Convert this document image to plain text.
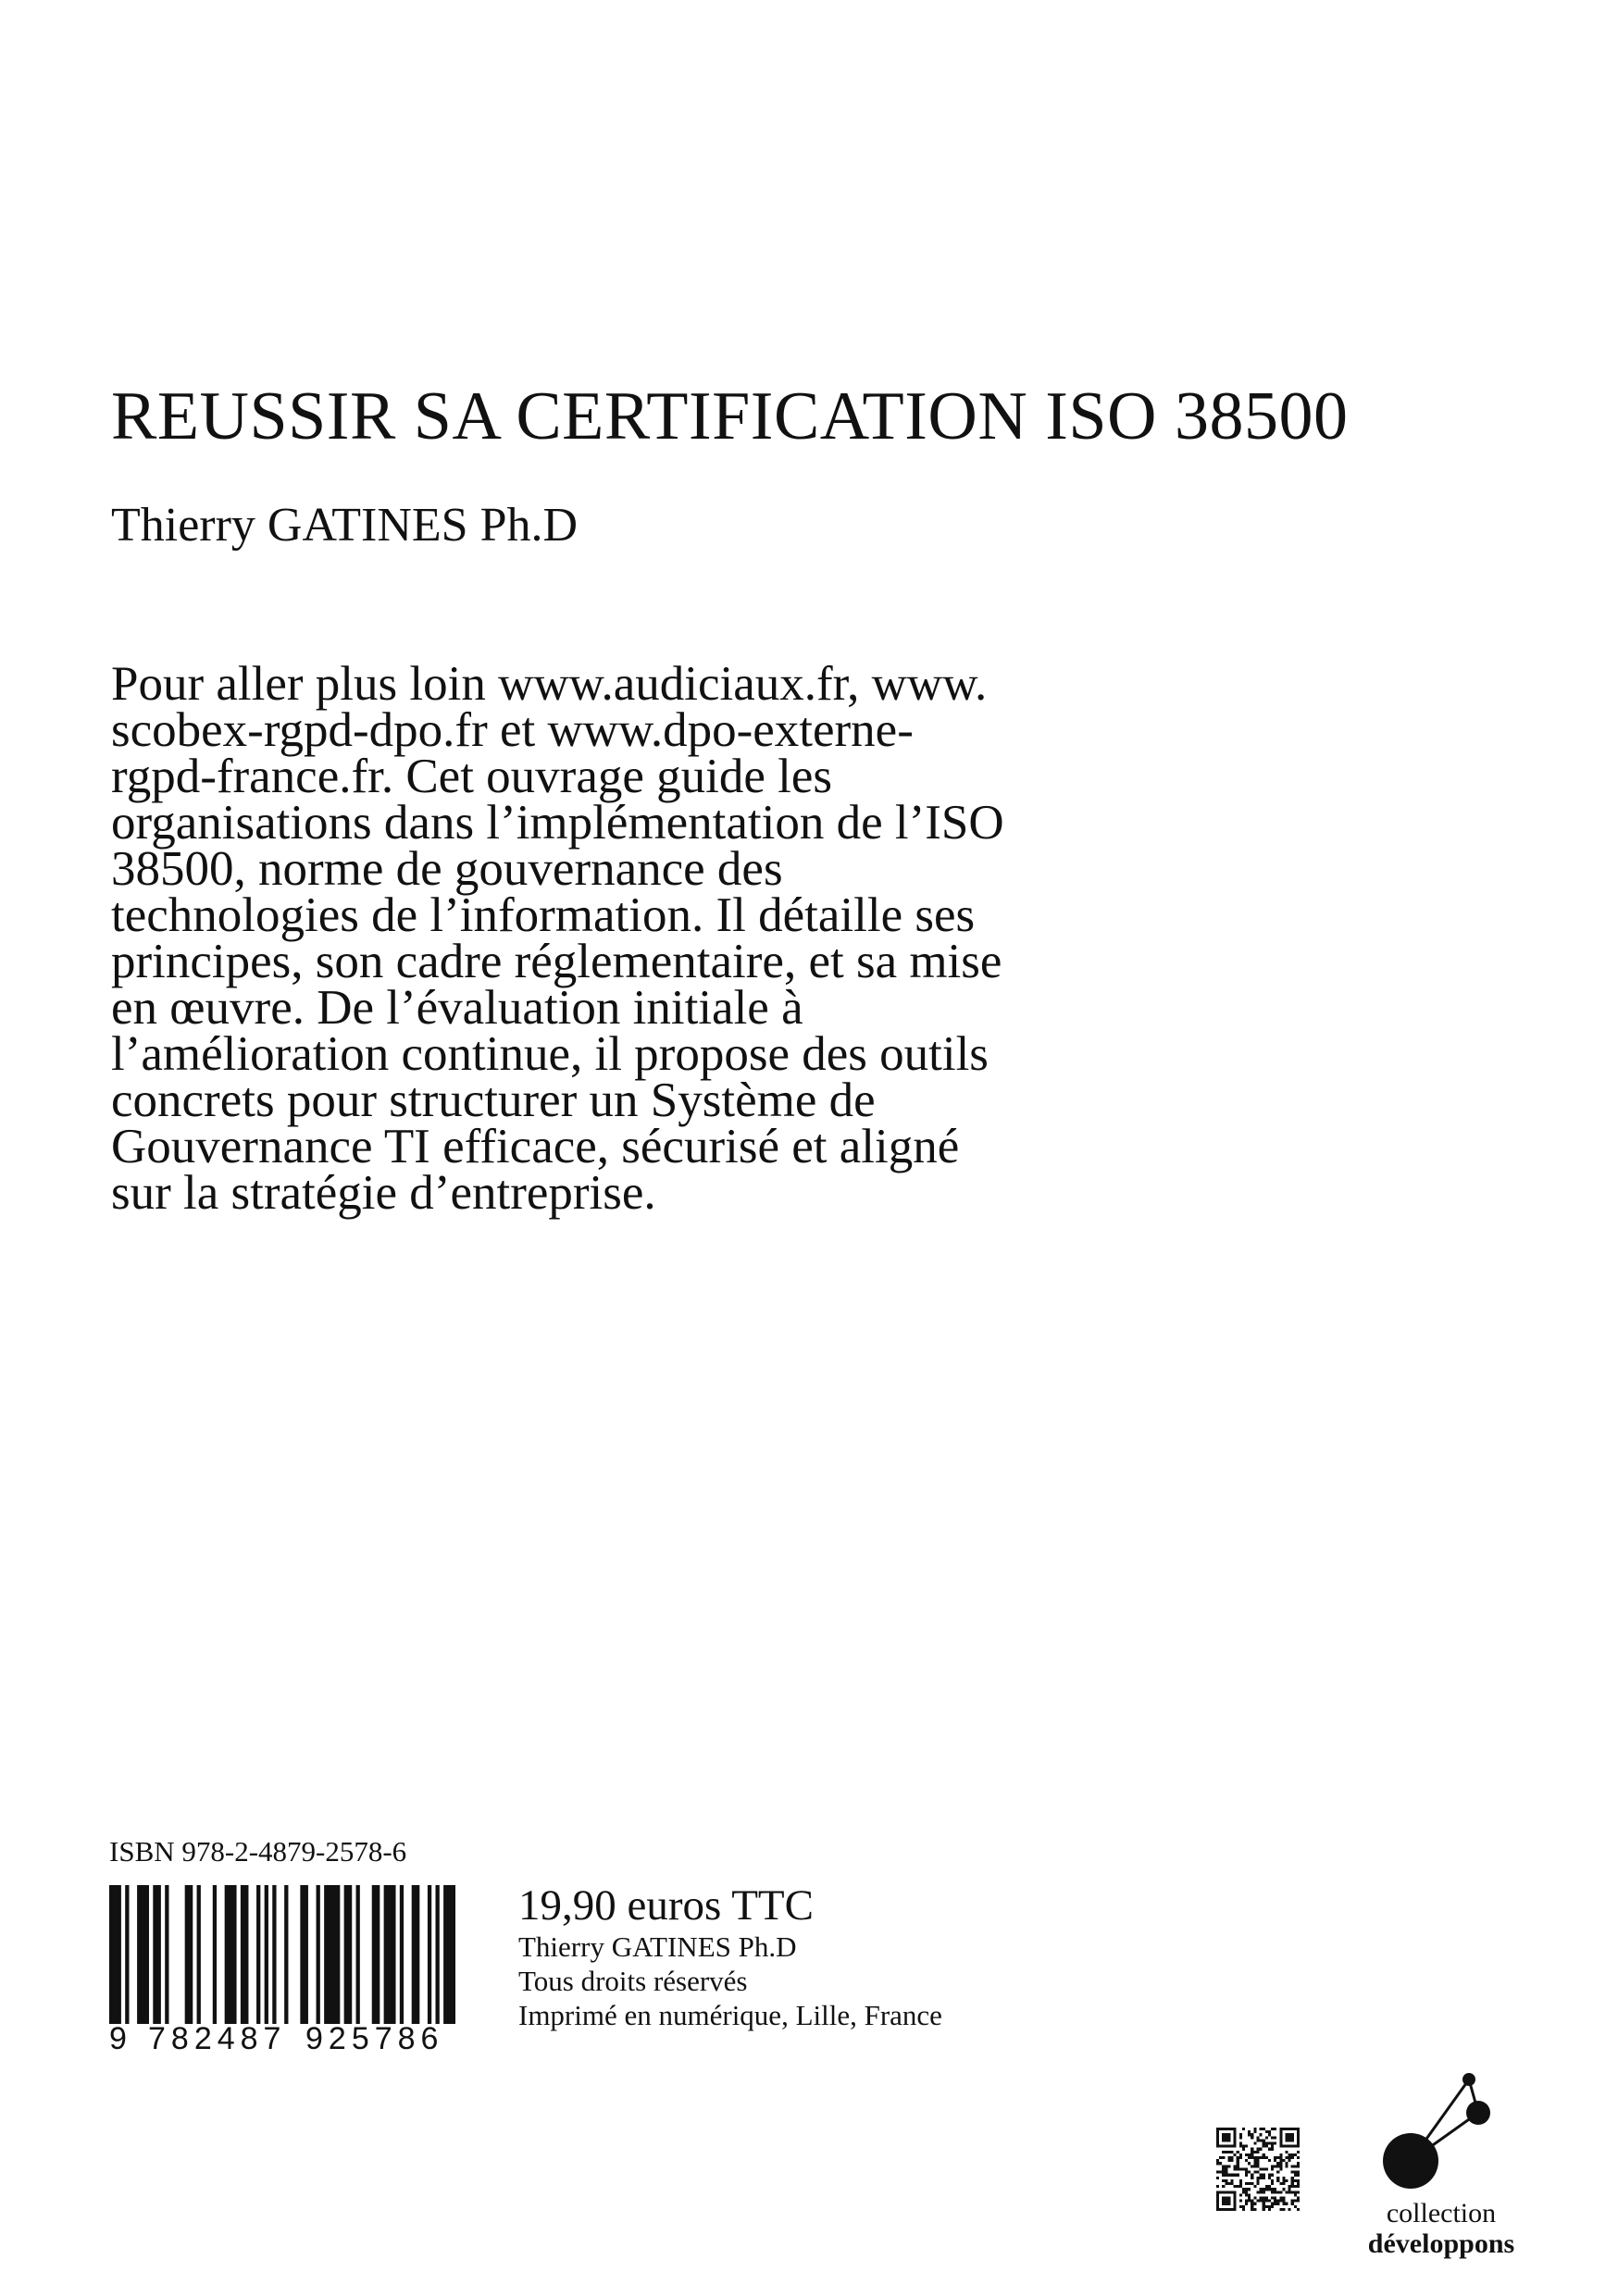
REUSSIR SA CERTIFICATION ISO 38500
Thierry GATINES Ph.D

Pour aller plus loin www.audiciaux.fr, www.

scobex-rgpd-dpo.fr et www.dpo-externe-

rgpd-france.fr. Cet ouvrage guide les

organisations dans l’implémentation de l’ISO

38500, norme de gouvernance des

technologies de l’information. Il détaille ses

principes, son cadre réglementaire, et sa mise

en œuvre. De l’évaluation initiale à

l’amélioration continue, il propose des outils

concrets pour structurer un Système de

Gouvernance TI efficace, sécurisé et aligné

sur la stratégie d’entreprise.

ISBN 978-2-4879-2578-6
9 782487 925786
19,90 euros TTC
Thierry GATINES Ph.D
Tous droits réservés
Imprimé en numérique, Lille, France
collection
développons
